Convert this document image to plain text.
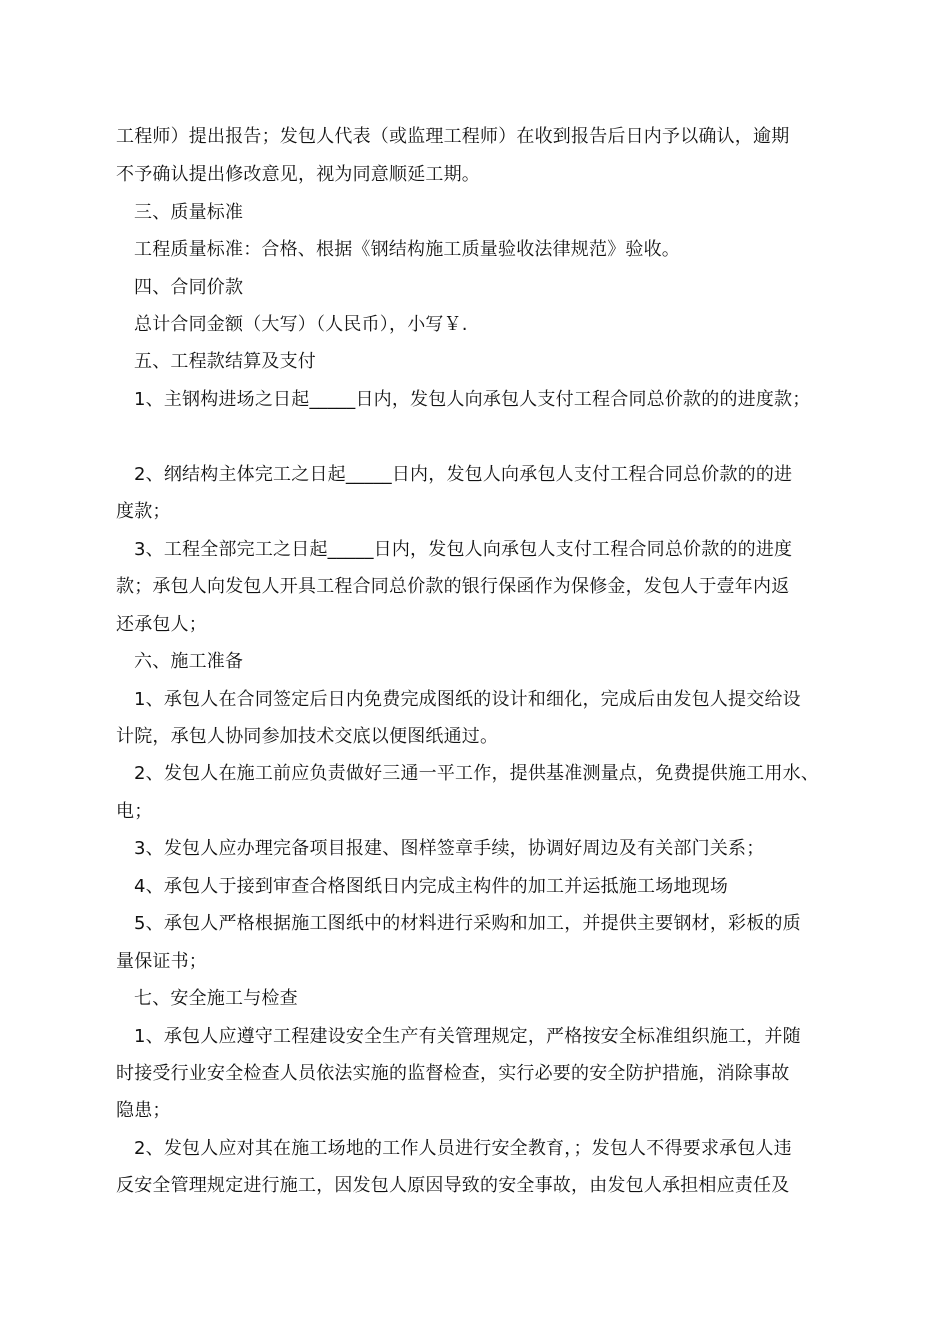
工程师）提出报告；发包人代表（或监理工程师）在收到报告后日内予以确认，逾期
不予确认提出修改意见，视为同意顺延工期。
三、质量标准
工程质量标准：合格、根据《钢结构施工质量验收法律规范》验收。
四、合同价款
总计合同金额（大写）（人民币），小写￥.
五、工程款结算及支付
1、主钢构进场之日起_____日内，发包人向承包人支付工程合同总价款的的进度款；
2、纲结构主体完工之日起_____日内，发包人向承包人支付工程合同总价款的的进
度款；
3、工程全部完工之日起_____日内，发包人向承包人支付工程合同总价款的的进度
款；承包人向发包人开具工程合同总价款的银行保函作为保修金，发包人于壹年内返
还承包人；
六、施工准备
1、承包人在合同签定后日内免费完成图纸的设计和细化，完成后由发包人提交给设
计院，承包人协同参加技术交底以便图纸通过。
2、发包人在施工前应负责做好三通一平工作，提供基准测量点，免费提供施工用水、
电；
3、发包人应办理完备项目报建、图样签章手续，协调好周边及有关部门关系；
4、承包人于接到审查合格图纸日内完成主构件的加工并运抵施工场地现场
5、承包人严格根据施工图纸中的材料进行采购和加工，并提供主要钢材，彩板的质
量保证书；
七、安全施工与检查
1、承包人应遵守工程建设安全生产有关管理规定，严格按安全标准组织施工，并随
时接受行业安全检查人员依法实施的监督检查，实行必要的安全防护措施，消除事故
隐患；
2、发包人应对其在施工场地的工作人员进行安全教育，；发包人不得要求承包人违
反安全管理规定进行施工，因发包人原因导致的安全事故，由发包人承担相应责任及
